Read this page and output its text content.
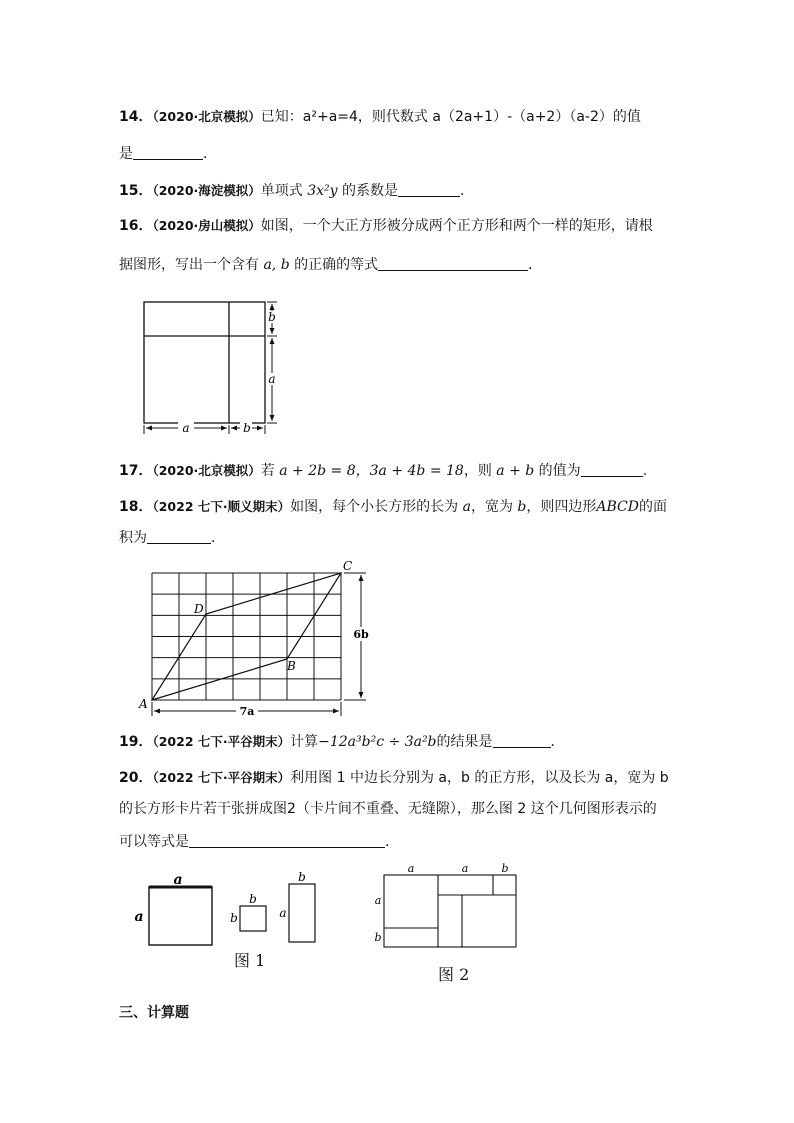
14．（2020·北京模拟）已知：a²+a=4，则代数式 a（2a+1）-（a+2）（a-2）的值
是	．
15．（2020·海淀模拟）单项式 3x²y 的系数是	.
16．（2020·房山模拟）如图，一个大正方形被分成两个正方形和两个一样的矩形，请根
据图形，写出一个含有 a, b 的正确的等式	．
a	b
b
a
17．（2020·北京模拟）若 a + 2b = 8，3a + 4b = 18，则 a + b 的值为	.
18．（2022 七下·顺义期末）如图，每个小长方形的长为 a，宽为 b，则四边形ABCD的面
积为	．
A
B
C
D
6b
7a
19．（2022 七下·平谷期末）计算−12a³b²c ÷ 3a²b的结果是	．
20．（2022 七下·平谷期末）利用图 1 中边长分别为 a，b 的正方形，以及长为 a，宽为 b
的长方形卡片若干张拼成图2（卡片间不重叠、无缝隙），那么图 2 这个几何图形表示的
可以等式是	．
a
a
b
b
b
a
图 1
a	a	b
a
b
图 2
三、计算题
